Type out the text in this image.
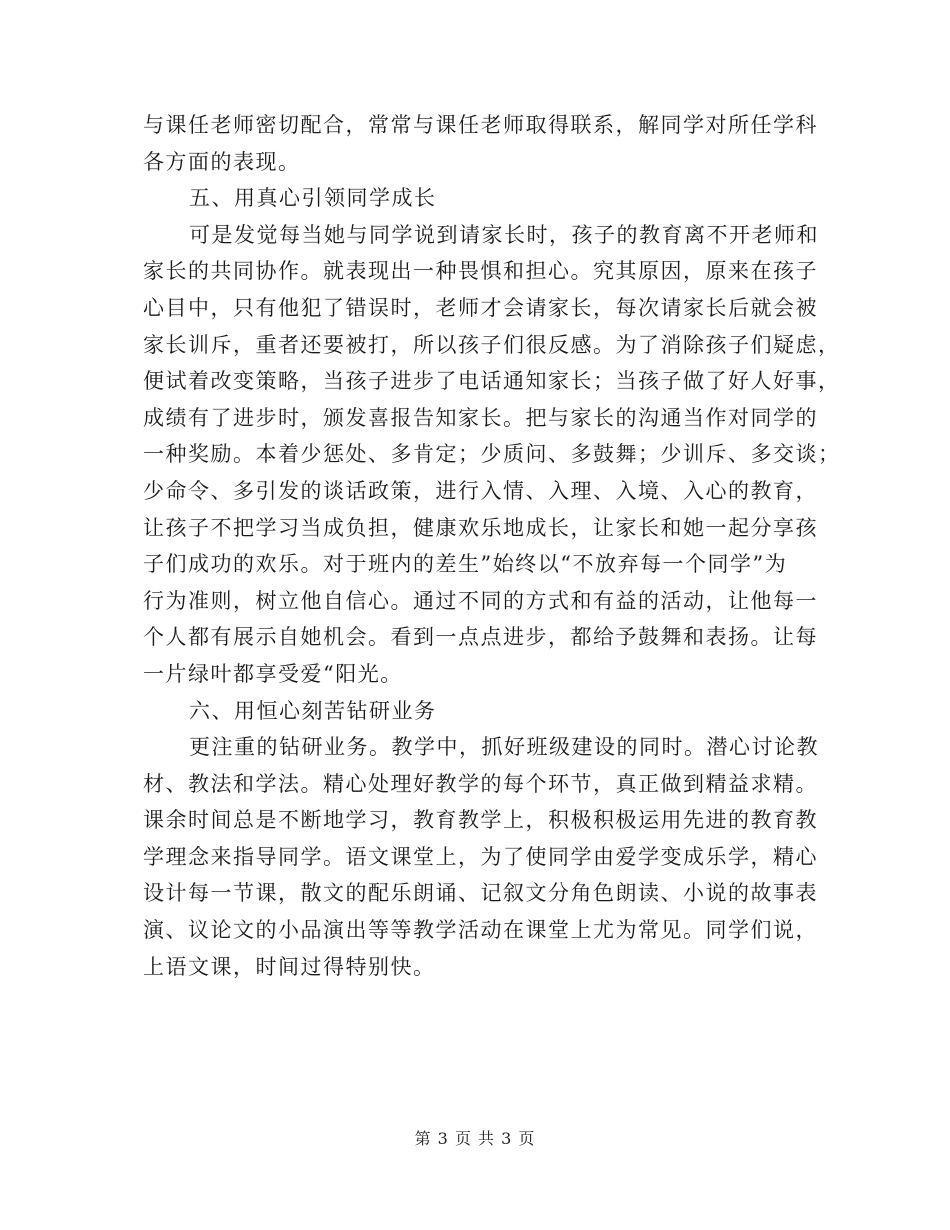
与课任老师密切配合，常常与课任老师取得联系，解同学对所任学科
各方面的表现。
五、用真心引领同学成长
可是发觉每当她与同学说到请家长时，孩子的教育离不开老师和
家长的共同协作。就表现出一种畏惧和担心。究其原因，原来在孩子
心目中，只有他犯了错误时，老师才会请家长，每次请家长后就会被
家长训斥，重者还要被打，所以孩子们很反感。为了消除孩子们疑虑，
便试着改变策略，当孩子进步了电话通知家长；当孩子做了好人好事，
成绩有了进步时，颁发喜报告知家长。把与家长的沟通当作对同学的
一种奖励。本着少惩处、多肯定；少质问、多鼓舞；少训斥、多交谈；
少命令、多引发的谈话政策，进行入情、入理、入境、入心的教育，
让孩子不把学习当成负担，健康欢乐地成长，让家长和她一起分享孩
子们成功的欢乐。对于班内的差生”始终以“不放弃每一个同学”为
行为准则，树立他自信心。通过不同的方式和有益的活动，让他每一
个人都有展示自她机会。看到一点点进步，都给予鼓舞和表扬。让每
一片绿叶都享受爱“阳光。
六、用恒心刻苦钻研业务
更注重的钻研业务。教学中，抓好班级建设的同时。潜心讨论教
材、教法和学法。精心处理好教学的每个环节，真正做到精益求精。
课余时间总是不断地学习，教育教学上，积极积极运用先进的教育教
学理念来指导同学。语文课堂上，为了使同学由爱学变成乐学，精心
设计每一节课，散文的配乐朗诵、记叙文分角色朗读、小说的故事表
演、议论文的小品演出等等教学活动在课堂上尤为常见。同学们说，
上语文课，时间过得特别快。
第 3 页 共 3 页
